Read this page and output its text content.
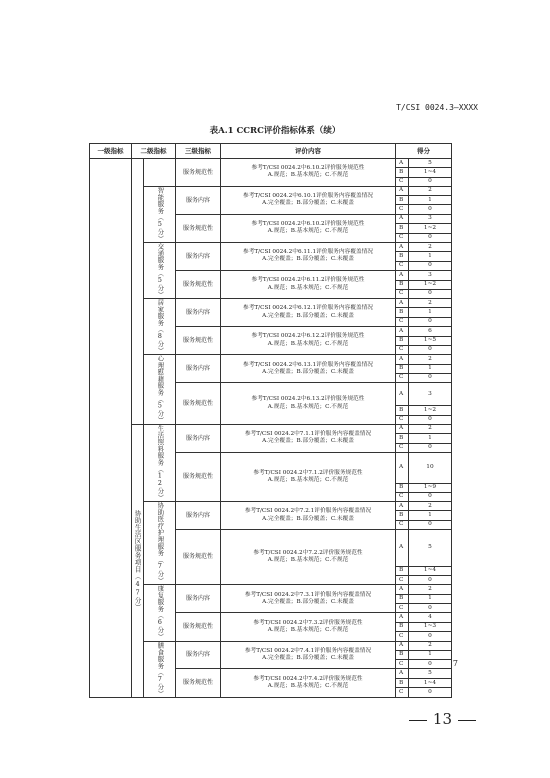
T/CSI 0024.3—XXXX
表A.1 CCRC评价指标体系（续）
一级指标	二级指标		三级指标	评价内容	得分	
			服务规范性	参考T/CSI 0024.2中6.10.2评价服务规范性
A.规范；B.基本规范；C.不规范	A	5
					B	1~4
					C	0
		智能服务（5分）	服务内容	参考T/CSI 0024.2中6.10.1评价服务内容覆盖情况
A.完全覆盖；B.部分覆盖；C.未覆盖	A	2
					B	1
					C	0
			服务规范性	参考T/CSI 0024.2中6.10.2评价服务规范性
A.规范；B.基本规范；C.不规范	A	3
					B	1~2
					C	0
		交通服务（5分）	服务内容	参考T/CSI 0024.2中6.11.1评价服务内容覆盖情况
A.完全覆盖；B.部分覆盖；C.未覆盖	A	2
					B	1
					C	0
			服务规范性	参考T/CSI 0024.2中6.11.2评价服务规范性
A.规范；B.基本规范；C.不规范	A	3
					B	1~2
					C	0
		居家服务（8分）	服务内容	参考T/CSI 0024.2中6.12.1评价服务内容覆盖情况
A.完全覆盖；B.部分覆盖；C.未覆盖	A	2
					B	1
					C	0
			服务规范性	参考T/CSI 0024.2中6.12.2评价服务规范性
A.规范；B.基本规范；C.不规范	A	6
					B	1~5
					C	0
		心理慰藉服务（5分）	服务内容	参考T/CSI 0024.2中6.13.1评价服务内容覆盖情况
A.完全覆盖；B.部分覆盖；C.未覆盖	A	2
					B	1
					C	0
			服务规范性	参考T/CSI 0024.2中6.13.2评价服务规范性
A.规范；B.基本规范；C.不规范	A	3
					B	1~2
					C	0
	协助生活区服务项目（47分）	生活照料服务（12分）	服务内容	参考T/CSI 0024.2中7.1.1评价服务内容覆盖情况
A.完全覆盖；B.部分覆盖；C.未覆盖	A	2
					B	1
					C	0
			服务规范性	参考T/CSI 0024.2中7.1.2评价服务规范性
A.规范；B.基本规范；C.不规范	A	10
					B	1~9
					C	0
		协助医疗护理服务（7分）	服务内容	参考T/CSI 0024.2中7.2.1评价服务内容覆盖情况
A.完全覆盖；B.部分覆盖；C.未覆盖	A	2
					B	1
					C	0
			服务规范性	参考T/CSI 0024.2中7.2.2评价服务规范性
A.规范；B.基本规范；C.不规范	A	5
					B	1~4
					C	0
		康复服务（6分）	服务内容	参考T/CSI 0024.2中7.3.1评价服务内容覆盖情况
A.完全覆盖；B.部分覆盖；C.未覆盖	A	2
					B	1
					C	0
			服务规范性	参考T/CSI 0024.2中7.3.2评价服务规范性
A.规范；B.基本规范；C.不规范	A	4
					B	1~3
					C	0
		膳食服务（7分）	服务内容	参考T/CSI 0024.2中7.4.1评价服务内容覆盖情况
A.完全覆盖；B.部分覆盖；C.未覆盖	A	2
					B	1
					C	0
			服务规范性	参考T/CSI 0024.2中7.4.2评价服务规范性
A.规范；B.基本规范；C.不规范	A	5
					B	1~4
					C	0
7
13
